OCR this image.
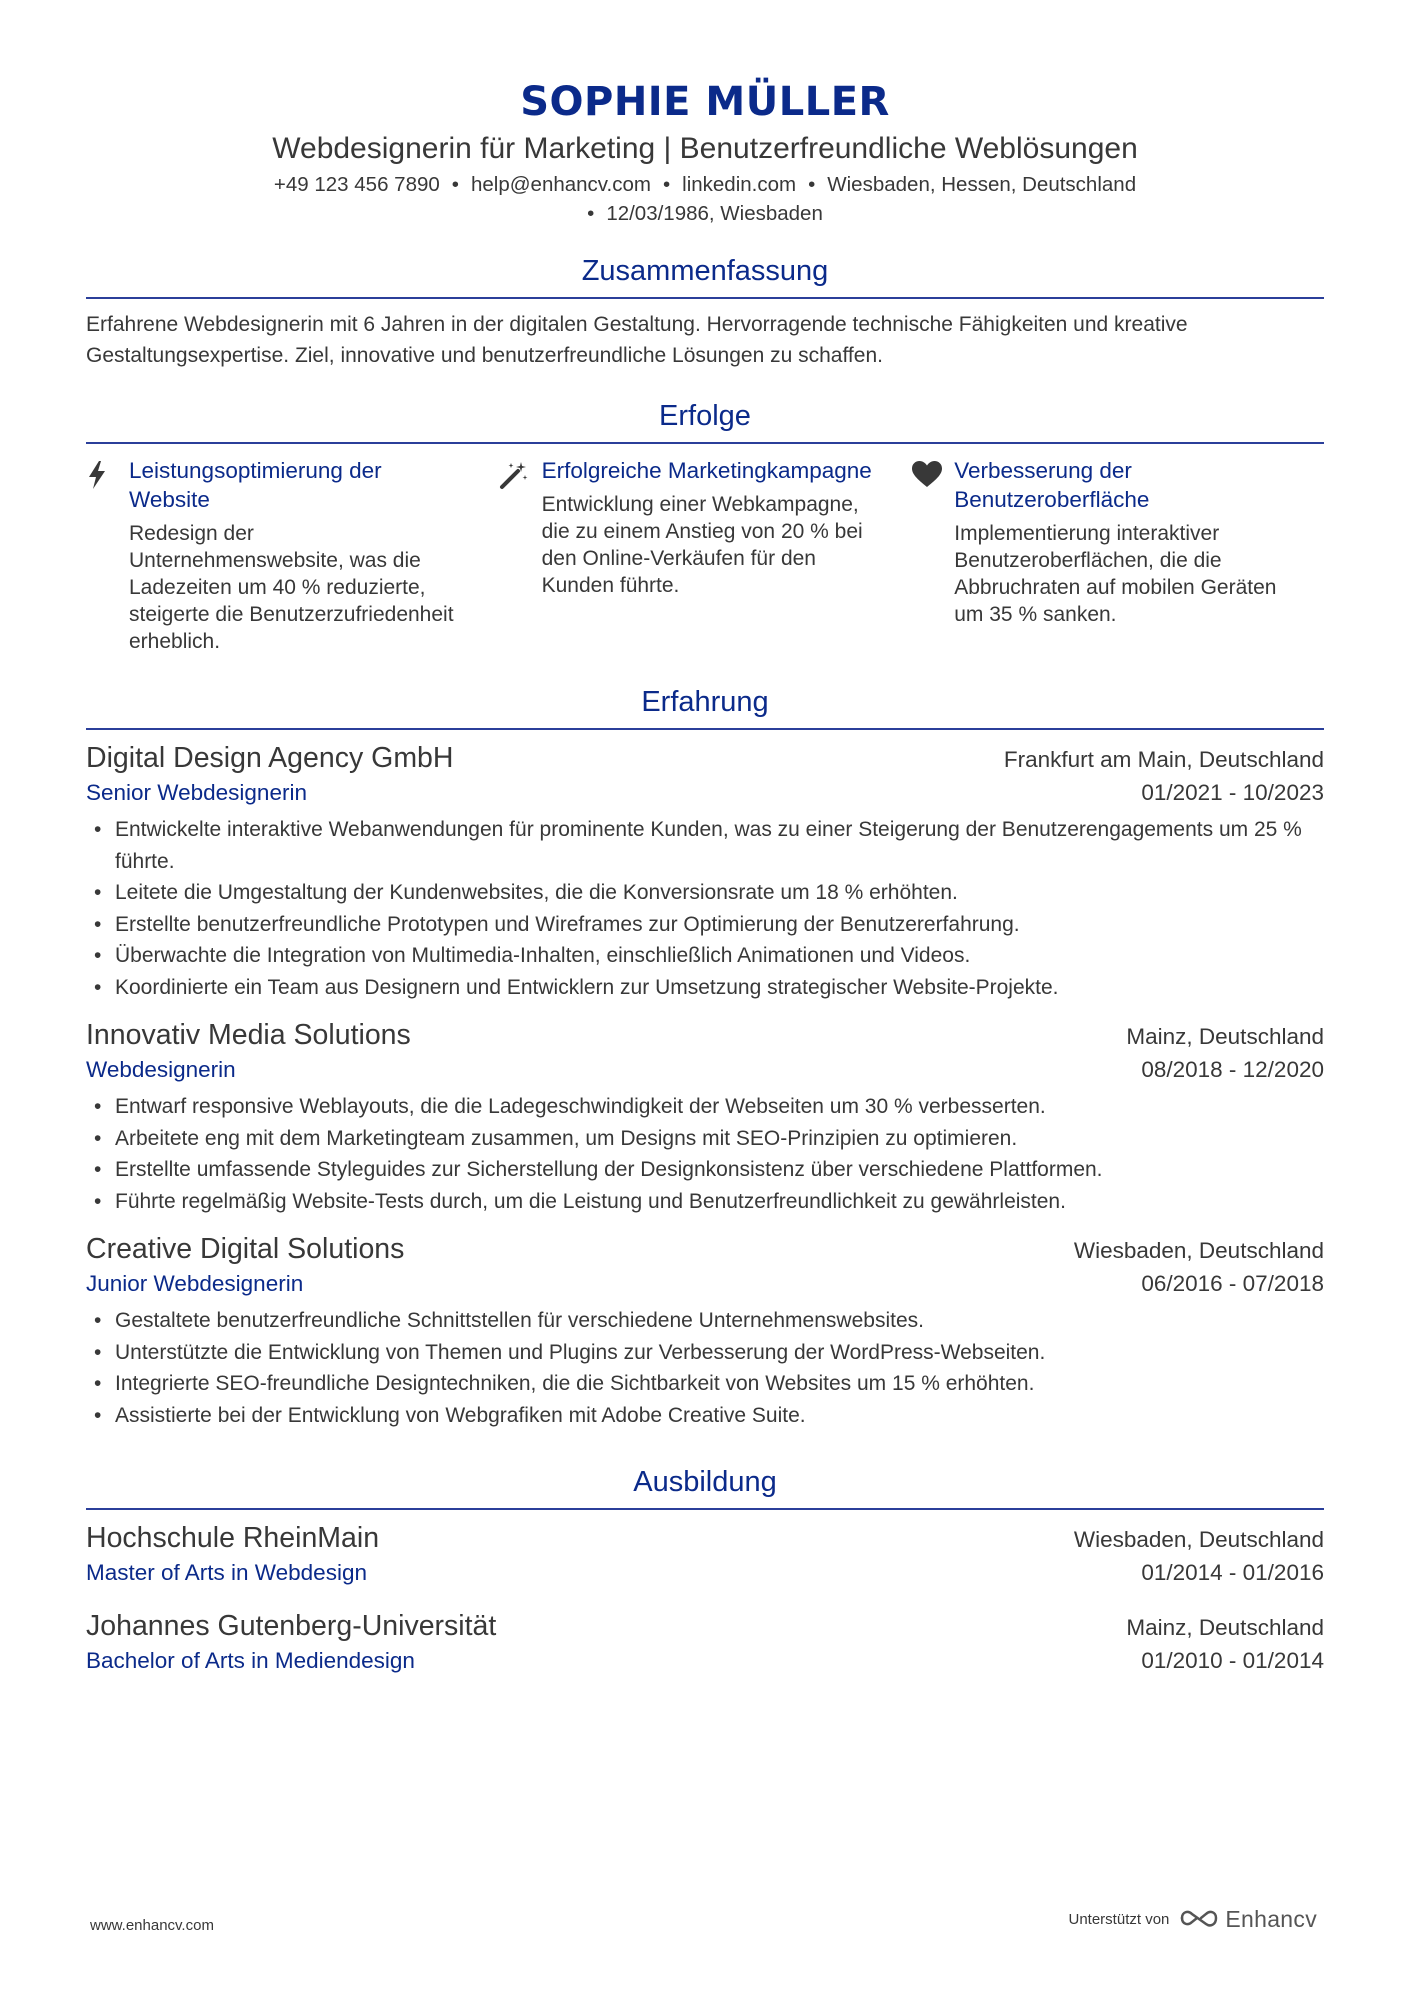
SOPHIE MÜLLER
Webdesignerin für Marketing | Benutzerfreundliche Weblösungen
+49 123 456 7890 • help@enhancv.com • linkedin.com • Wiesbaden, Hessen, Deutschland
• 12/03/1986, Wiesbaden
Zusammenfassung
Erfahrene Webdesignerin mit 6 Jahren in der digitalen Gestaltung. Hervorragende technische Fähigkeiten und kreative Gestaltungsexpertise. Ziel, innovative und benutzerfreundliche Lösungen zu schaffen.
Erfolge
Leistungsoptimierung der Website
Redesign der Unternehmenswebsite, was die Ladezeiten um 40 % reduzierte, steigerte die Benutzerzufriedenheit erheblich.
Erfolgreiche Marketingkampagne
Entwicklung einer Webkampagne, die zu einem Anstieg von 20 % bei den Online-Verkäufen für den Kunden führte.
Verbesserung der Benutzeroberfläche
Implementierung interaktiver Benutzeroberflächen, die die Abbruchraten auf mobilen Geräten um 35 % sanken.
Erfahrung
Digital Design Agency GmbH	Frankfurt am Main, Deutschland
Senior Webdesignerin	01/2021 - 10/2023
• Entwickelte interaktive Webanwendungen für prominente Kunden, was zu einer Steigerung der Benutzerengagements um 25 % führte.
• Leitete die Umgestaltung der Kundenwebsites, die die Konversionsrate um 18 % erhöhten.
• Erstellte benutzerfreundliche Prototypen und Wireframes zur Optimierung der Benutzererfahrung.
• Überwachte die Integration von Multimedia-Inhalten, einschließlich Animationen und Videos.
• Koordinierte ein Team aus Designern und Entwicklern zur Umsetzung strategischer Website-Projekte.
Innovativ Media Solutions	Mainz, Deutschland
Webdesignerin	08/2018 - 12/2020
• Entwarf responsive Weblayouts, die die Ladegeschwindigkeit der Webseiten um 30 % verbesserten.
• Arbeitete eng mit dem Marketingteam zusammen, um Designs mit SEO-Prinzipien zu optimieren.
• Erstellte umfassende Styleguides zur Sicherstellung der Designkonsistenz über verschiedene Plattformen.
• Führte regelmäßig Website-Tests durch, um die Leistung und Benutzerfreundlichkeit zu gewährleisten.
Creative Digital Solutions	Wiesbaden, Deutschland
Junior Webdesignerin	06/2016 - 07/2018
• Gestaltete benutzerfreundliche Schnittstellen für verschiedene Unternehmenswebsites.
• Unterstützte die Entwicklung von Themen und Plugins zur Verbesserung der WordPress-Webseiten.
• Integrierte SEO-freundliche Designtechniken, die die Sichtbarkeit von Websites um 15 % erhöhten.
• Assistierte bei der Entwicklung von Webgrafiken mit Adobe Creative Suite.
Ausbildung
Hochschule RheinMain	Wiesbaden, Deutschland
Master of Arts in Webdesign	01/2014 - 01/2016
Johannes Gutenberg-Universität	Mainz, Deutschland
Bachelor of Arts in Mediendesign	01/2010 - 01/2014
www.enhancv.com	Unterstützt von Enhancv
